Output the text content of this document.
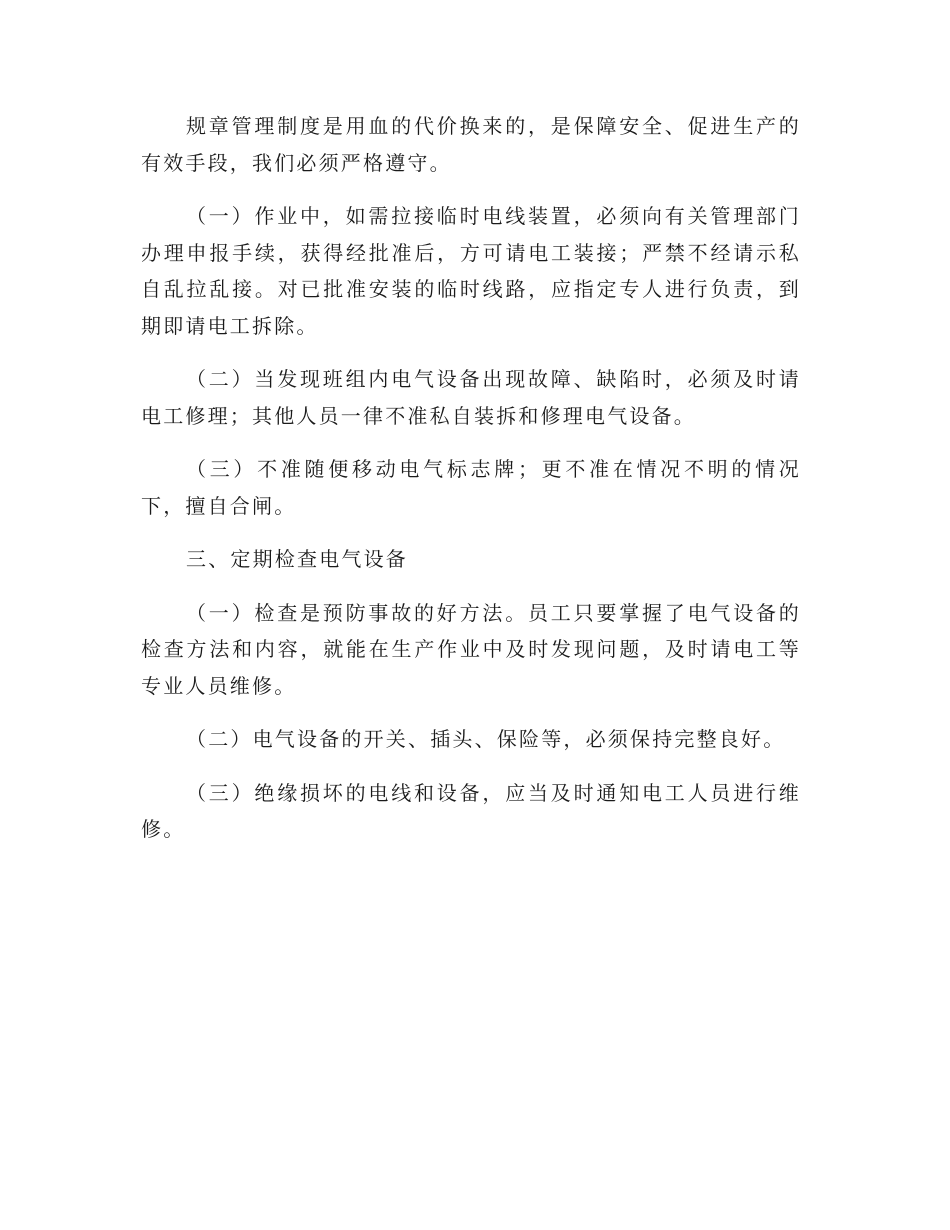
规章管理制度是用血的代价换来的，是保障安全、促进生产的有效手段，我们必须严格遵守。

（一）作业中，如需拉接临时电线装置，必须向有关管理部门办理申报手续，获得经批准后，方可请电工装接；严禁不经请示私自乱拉乱接。对已批准安装的临时线路，应指定专人进行负责，到期即请电工拆除。

（二）当发现班组内电气设备出现故障、缺陷时，必须及时请电工修理；其他人员一律不准私自装拆和修理电气设备。

（三）不准随便移动电气标志牌；更不准在情况不明的情况下，擅自合闸。

三、定期检查电气设备

（一）检查是预防事故的好方法。员工只要掌握了电气设备的检查方法和内容，就能在生产作业中及时发现问题，及时请电工等专业人员维修。

（二）电气设备的开关、插头、保险等，必须保持完整良好。

（三）绝缘损坏的电线和设备，应当及时通知电工人员进行维修。
